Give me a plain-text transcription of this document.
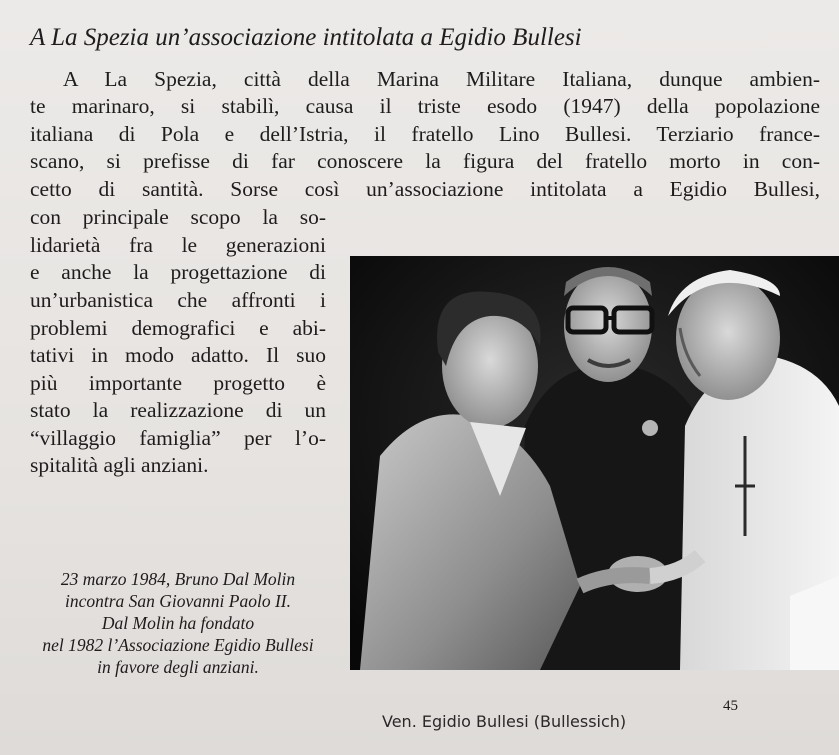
A La Spezia un’associazione intitolata a Egidio Bullesi
A La Spezia, città della Marina Militare Italiana, dunque ambien-
te marinaro, si stabilì, causa il triste esodo (1947) della popolazione
italiana di Pola e dell’Istria, il fratello Lino Bullesi. Terziario france-
scano, si prefisse di far conoscere la figura del fratello morto in con-
cetto di santità. Sorse così un’associazione intitolata a Egidio Bullesi,
con principale scopo la so-
lidarietà fra le generazioni
e anche la progettazione di
un’urbanistica che affronti i
problemi demografici e abi-
tativi in modo adatto. Il suo
più importante progetto è
stato la realizzazione di un
“villaggio famiglia” per l’o-
spitalità agli anziani.
23 marzo 1984, Bruno Dal Molin
incontra San Giovanni Paolo II.
Dal Molin ha fondato
nel 1982 l’Associazione Egidio Bullesi
in favore degli anziani.
45
Ven. Egidio Bullesi (Bullessich)
